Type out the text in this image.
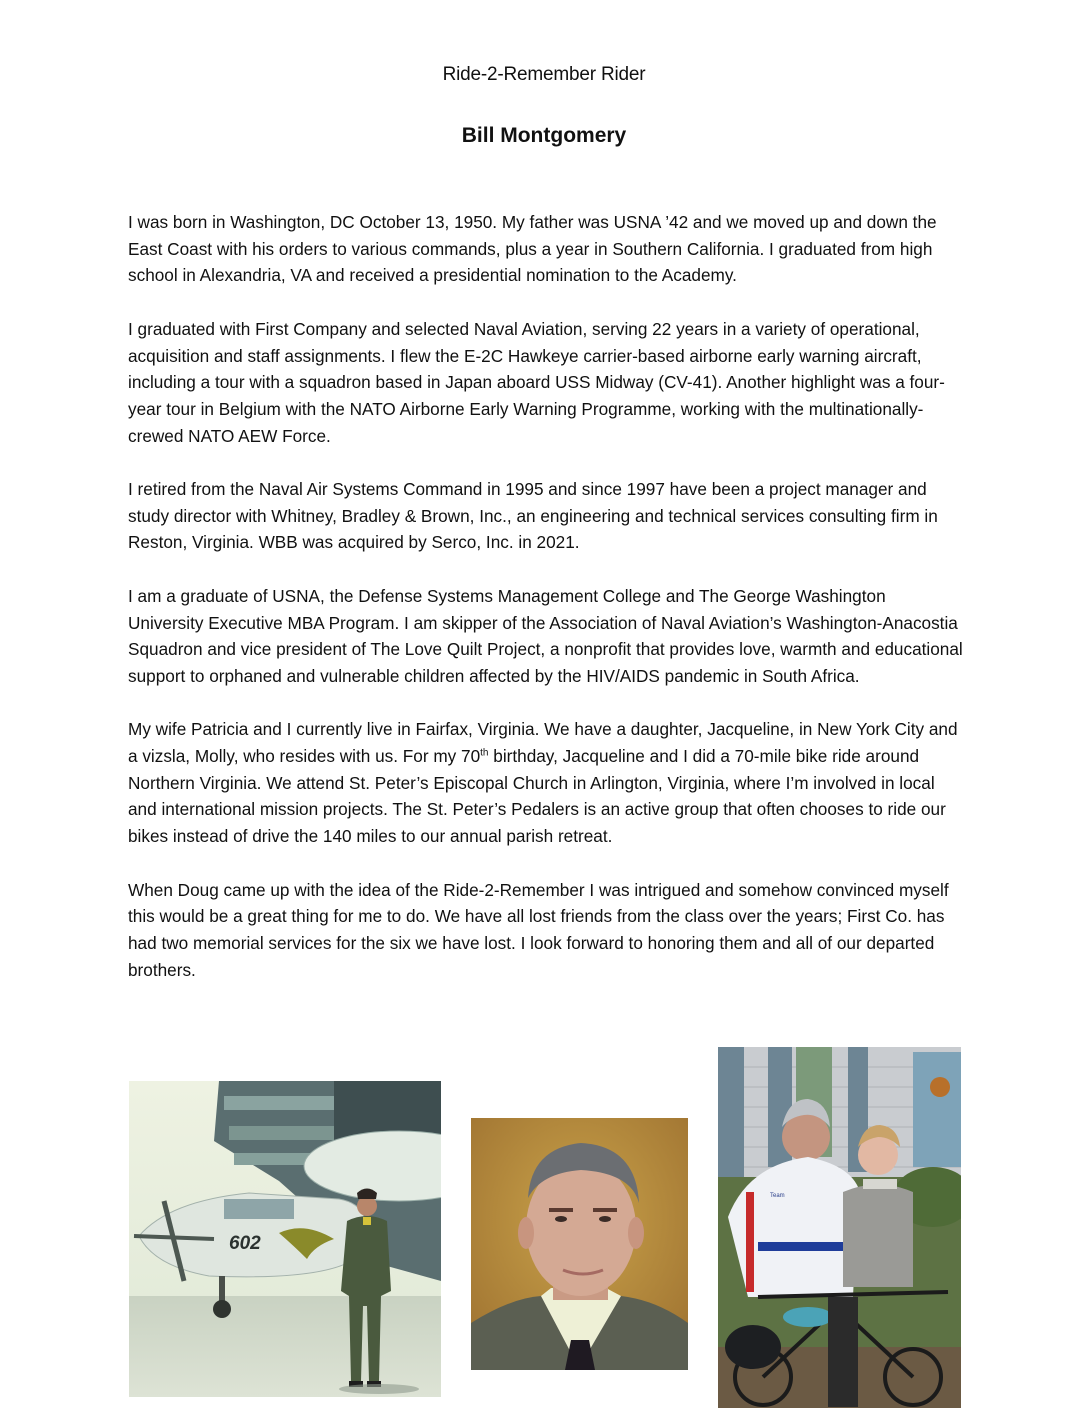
Ride-2-Remember Rider
Bill Montgomery

I was born in Washington, DC October 13, 1950. My father was USNA ’42 and we moved up and down the East Coast with his orders to various commands, plus a year in Southern California. I graduated from high school in Alexandria, VA and received a presidential nomination to the Academy.

I graduated with First Company and selected Naval Aviation, serving 22 years in a variety of operational, acquisition and staff assignments. I flew the E-2C Hawkeye carrier-based airborne early warning aircraft, including a tour with a squadron based in Japan aboard USS Midway (CV-41). Another highlight was a four-year tour in Belgium with the NATO Airborne Early Warning Programme, working with the multinationally-crewed NATO AEW Force.

I retired from the Naval Air Systems Command in 1995 and since 1997 have been a project manager and study director with Whitney, Bradley & Brown, Inc., an engineering and technical services consulting firm in Reston, Virginia. WBB was acquired by Serco, Inc. in 2021.

I am a graduate of USNA, the Defense Systems Management College and The George Washington University Executive MBA Program. I am skipper of the Association of Naval Aviation’s Washington-Anacostia Squadron and vice president of The Love Quilt Project, a nonprofit that provides love, warmth and educational support to orphaned and vulnerable children affected by the HIV/AIDS pandemic in South Africa.

My wife Patricia and I currently live in Fairfax, Virginia. We have a daughter, Jacqueline, in New York City and a vizsla, Molly, who resides with us. For my 70th birthday, Jacqueline and I did a 70-mile bike ride around Northern Virginia. We attend St. Peter’s Episcopal Church in Arlington, Virginia, where I’m involved in local and international mission projects. The St. Peter’s Pedalers is an active group that often chooses to ride our bikes instead of drive the 140 miles to our annual parish retreat.

When Doug came up with the idea of the Ride-2-Remember I was intrigued and somehow convinced myself this would be a great thing for me to do. We have all lost friends from the class over the years; First Co. has had two memorial services for the six we have lost. I look forward to honoring them and all of our departed brothers.

602
Team
